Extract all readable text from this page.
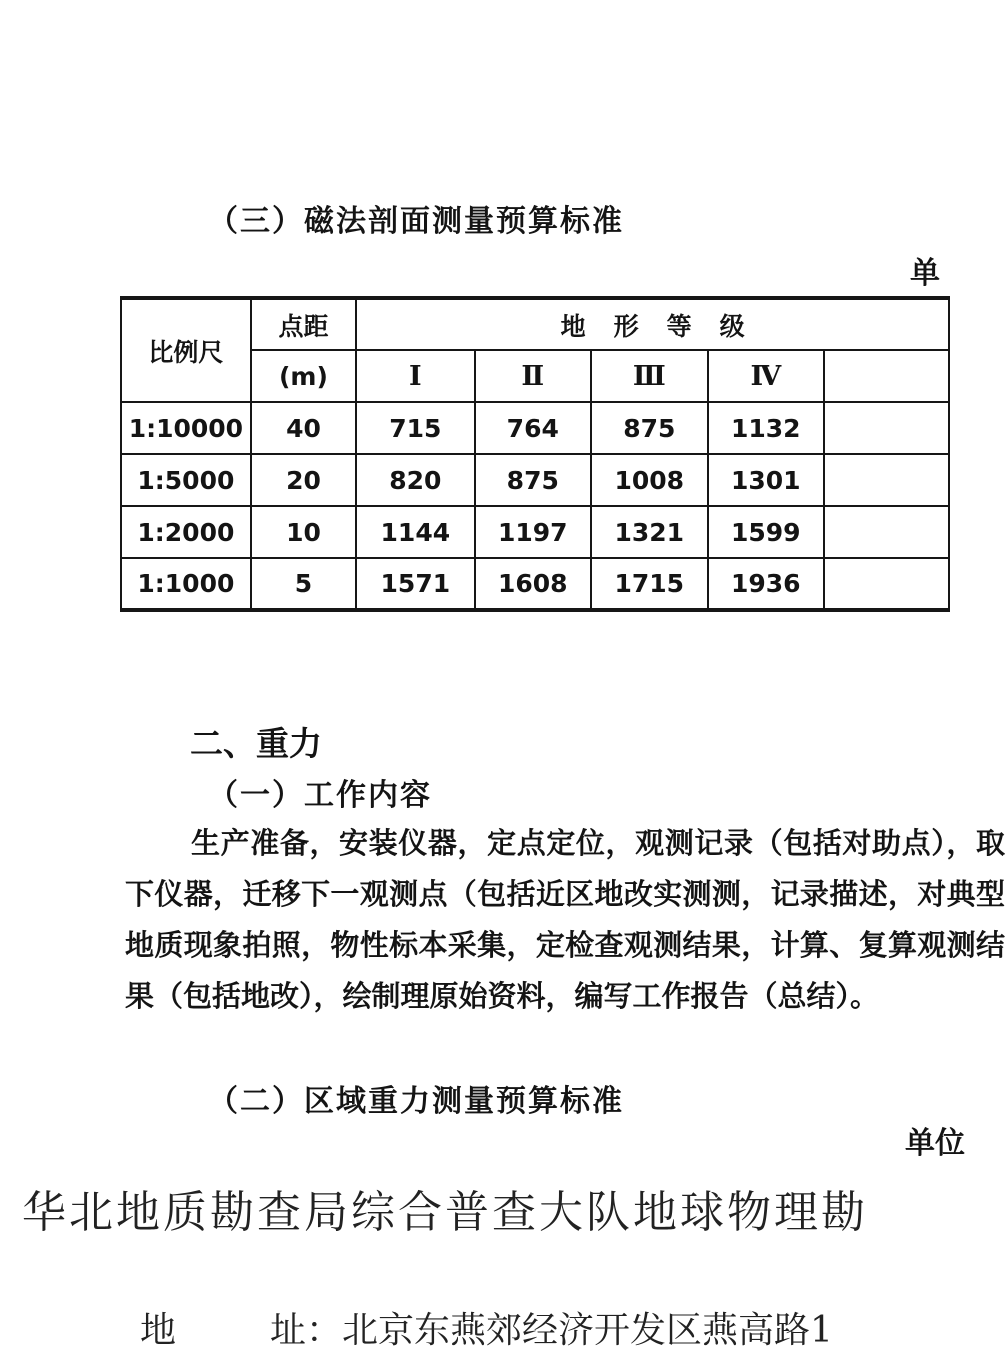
（三）磁法剖面测量预算标准
单
比例尺	点距	地形等级				
	(m)	Ⅰ	Ⅱ	Ⅲ	Ⅳ	
1:10000	40	715	764	875	1132	
1:5000	20	820	875	1008	1301	
1:2000	10	1144	1197	1321	1599	
1:1000	5	1571	1608	1715	1936	
二、重力
（一）工作内容
生产准备，安装仪器，定点定位，观测记录（包括对助点），取下仪器，迁移下一观测点（包括近区地改实测测，记录描述，对典型地质现象拍照，物性标本采集，定检查观测结果，计算、复算观测结果（包括地改），绘制理原始资料，编写工作报告（总结）。
（二）区域重力测量预算标准
单位
华北地质勘查局综合普查大队地球物理勘
地	址：北京东燕郊经济开发区燕高路1
